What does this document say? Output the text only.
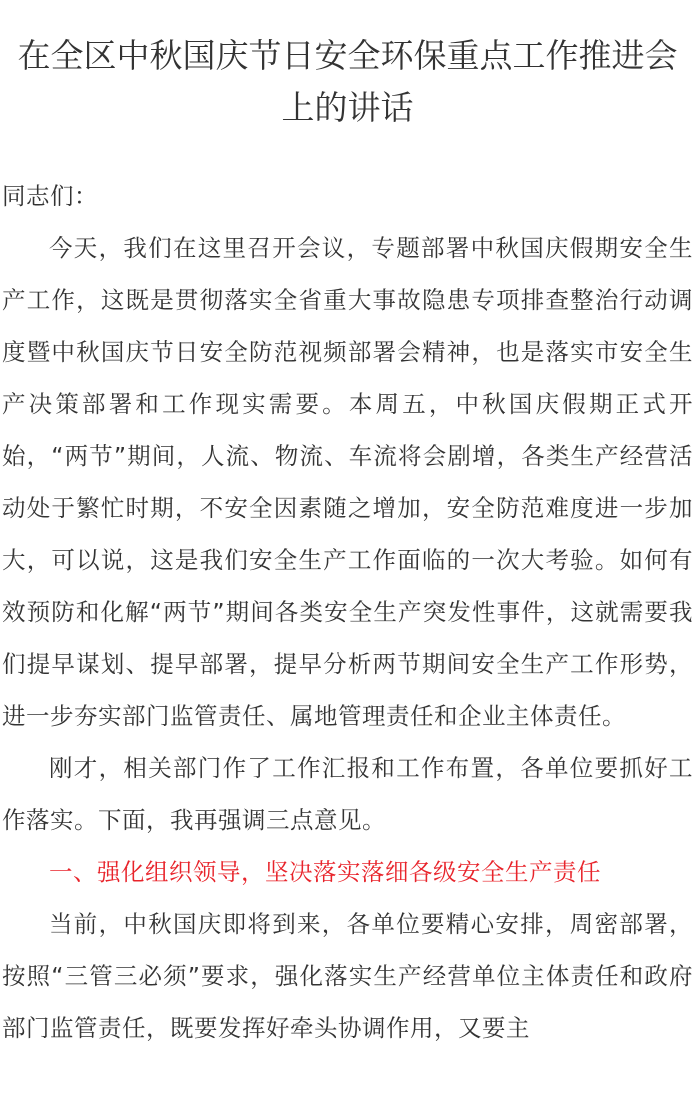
在全区中秋国庆节日安全环保重点工作推进会上的讲话

同志们：

今天，我们在这里召开会议，专题部署中秋国庆假期安全生产工作，这既是贯彻落实全省重大事故隐患专项排查整治行动调度暨中秋国庆节日安全防范视频部署会精神，也是落实市安全生产决策部署和工作现实需要。本周五，中秋国庆假期正式开始，“两节”期间，人流、物流、车流将会剧增，各类生产经营活动处于繁忙时期，不安全因素随之增加，安全防范难度进一步加大，可以说，这是我们安全生产工作面临的一次大考验。如何有效预防和化解“两节”期间各类安全生产突发性事件，这就需要我们提早谋划、提早部署，提早分析两节期间安全生产工作形势，进一步夯实部门监管责任、属地管理责任和企业主体责任。

刚才，相关部门作了工作汇报和工作布置，各单位要抓好工作落实。下面，我再强调三点意见。

一、强化组织领导，坚决落实落细各级安全生产责任

当前，中秋国庆即将到来，各单位要精心安排，周密部署，按照“三管三必须”要求，强化落实生产经营单位主体责任和政府部门监管责任，既要发挥好牵头协调作用，又要主
